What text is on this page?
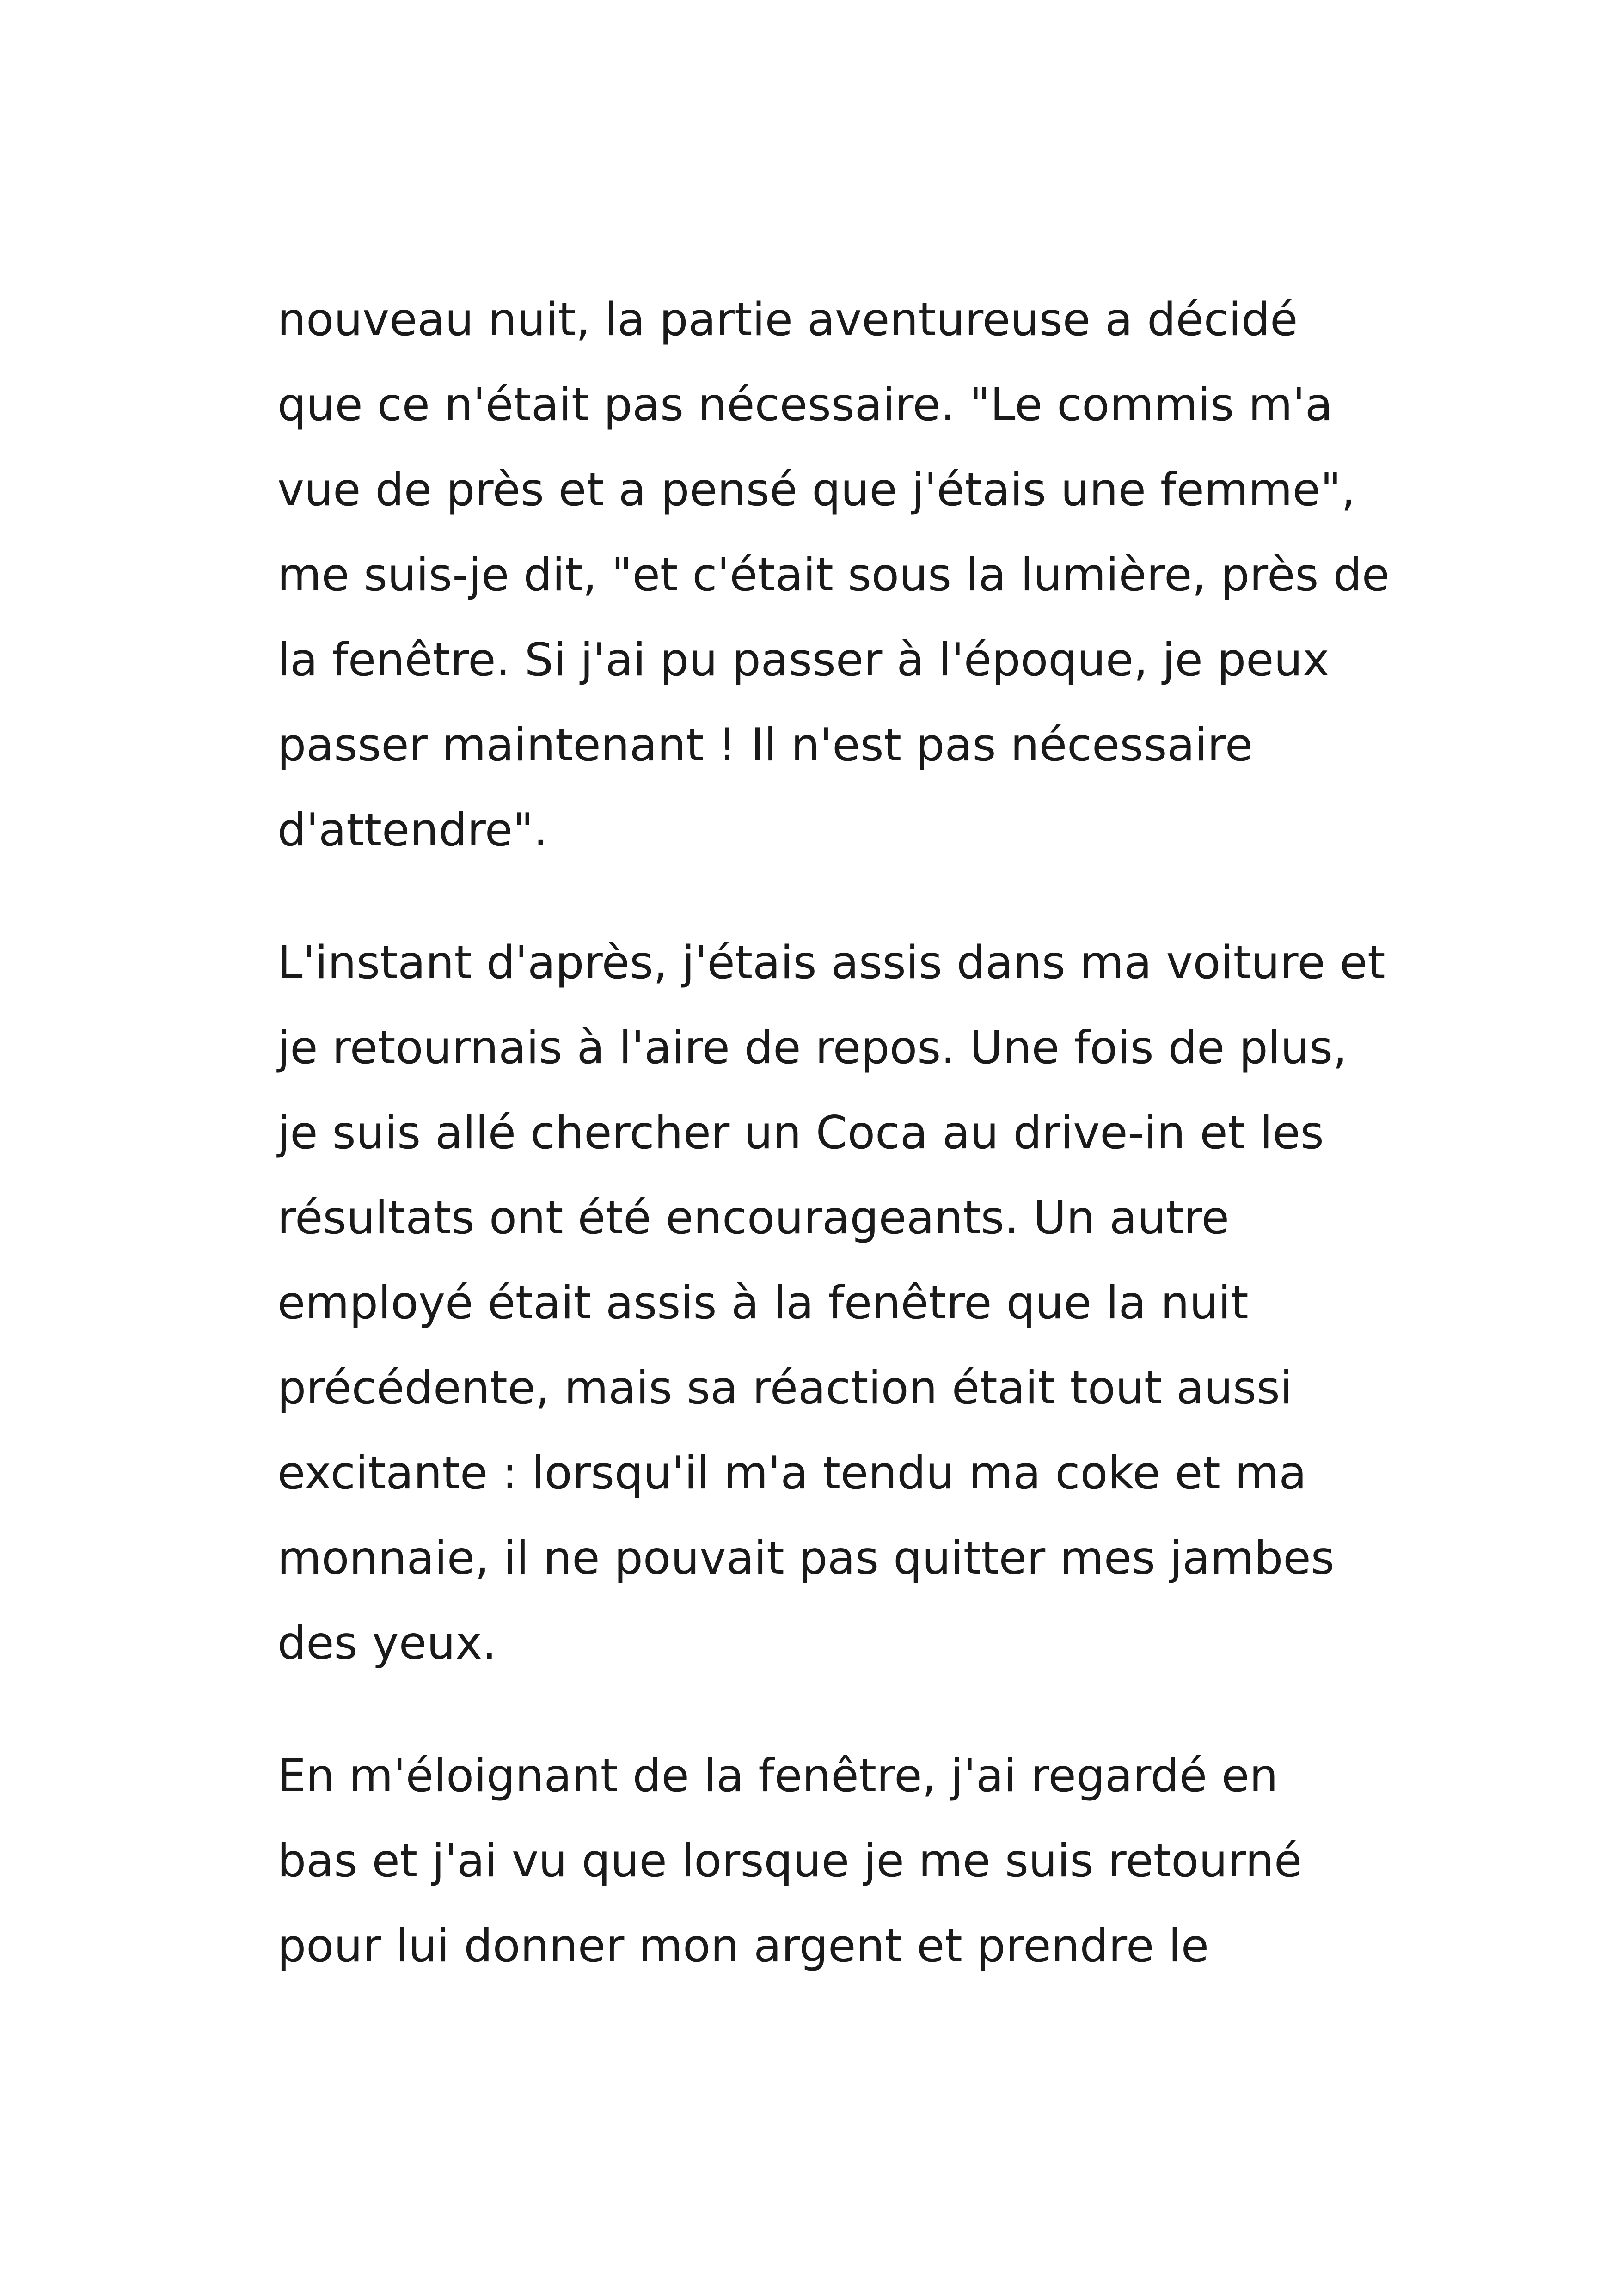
nouveau nuit, la partie aventureuse a décidé
que ce n'était pas nécessaire. "Le commis m'a
vue de près et a pensé que j'étais une femme",
me suis-je dit, "et c'était sous la lumière, près de
la fenêtre. Si j'ai pu passer à l'époque, je peux
passer maintenant ! Il n'est pas nécessaire
d'attendre".

L'instant d'après, j'étais assis dans ma voiture et
je retournais à l'aire de repos. Une fois de plus,
je suis allé chercher un Coca au drive-in et les
résultats ont été encourageants. Un autre
employé était assis à la fenêtre que la nuit
précédente, mais sa réaction était tout aussi
excitante : lorsqu'il m'a tendu ma coke et ma
monnaie, il ne pouvait pas quitter mes jambes
des yeux.

En m'éloignant de la fenêtre, j'ai regardé en
bas et j'ai vu que lorsque je me suis retourné
pour lui donner mon argent et prendre le
